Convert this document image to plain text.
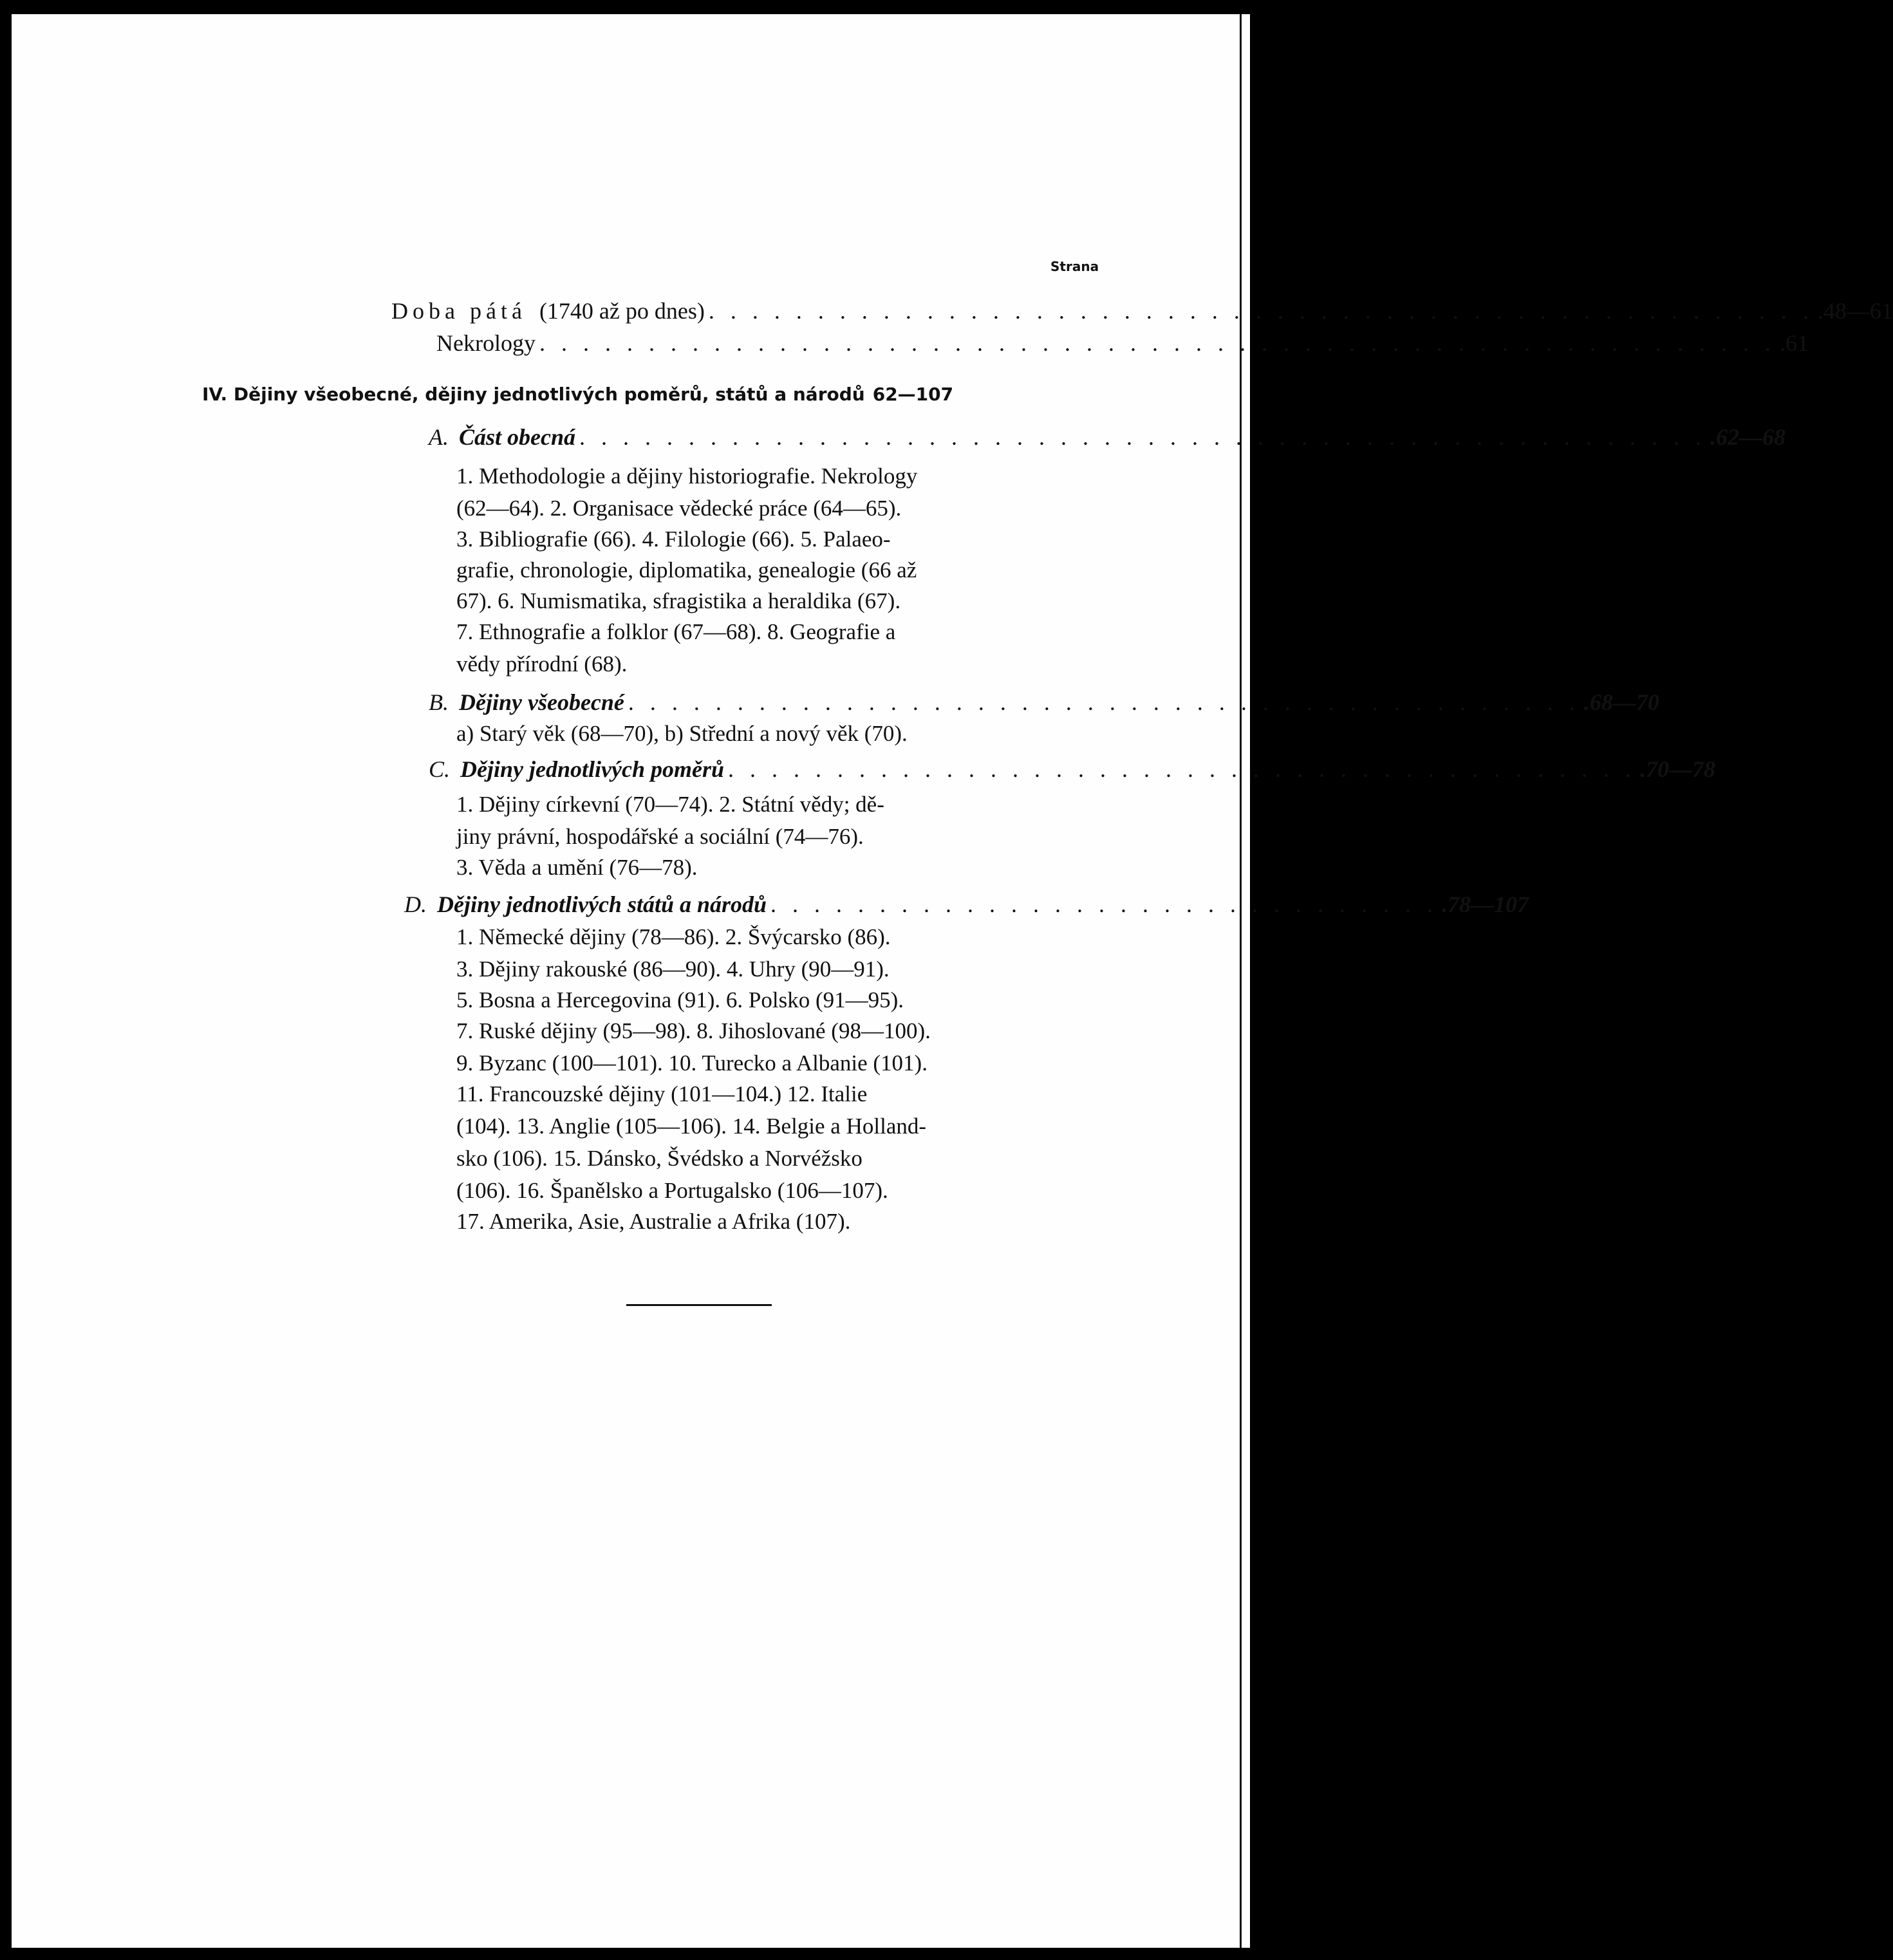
Strana
Doba pátá (1740 až po dnes) . . . . . . . . . . . . . . . . . . . . . . . . . . . . . . . . . . . . . . . . . . . . . . . . . . . .48—61
Nekrology . . . . . . . . . . . . . . . . . . . . . . . . . . . . . . . . . . . . . . . . . . . . . . . . . . . . . . . . . .61
IV. Dějiny všeobecné, dějiny jednotlivých poměrů, států a národů 62—107
A. Část obecná . . . . . . . . . . . . . . . . . . . . . . . . . . . . . . . . . . . . . . . . . . . . . . . . . . . . .62—68
1. Methodologie a dějiny historiografie. Nekrology
(62—64). 2. Organisace vědecké práce (64—65).
3. Bibliografie (66). 4. Filologie (66). 5. Palaeo-
grafie, chronologie, diplomatika, genealogie (66 až
67). 6. Numismatika, sfragistika a heraldika (67).
7. Ethnografie a folklor (67—68). 8. Geografie a
vědy přírodní (68).
B. Dějiny všeobecné . . . . . . . . . . . . . . . . . . . . . . . . . . . . . . . . . . . . . . . . . . . . .68—70
a) Starý věk (68—70), b) Střední a nový věk (70).
C. Dějiny jednotlivých poměrů . . . . . . . . . . . . . . . . . . . . . . . . . . . . . . . . . . . . . . . . . . .70—78
1. Dějiny církevní (70—74). 2. Státní vědy; dě-
jiny právní, hospodářské a sociální (74—76).
3. Věda a umění (76—78).
D. Dějiny jednotlivých států a národů . . . . . . . . . . . . . . . . . . . . . . . . . . . . . . . .78—107
1. Německé dějiny (78—86). 2. Švýcarsko (86).
3. Dějiny rakouské (86—90). 4. Uhry (90—91).
5. Bosna a Hercegovina (91). 6. Polsko (91—95).
7. Ruské dějiny (95—98). 8. Jihoslované (98—100).
9. Byzanc (100—101). 10. Turecko a Albanie (101).
11. Francouzské dějiny (101—104.) 12. Italie
(104). 13. Anglie (105—106). 14. Belgie a Holland-
sko (106). 15. Dánsko, Švédsko a Norvéžsko
(106). 16. Španělsko a Portugalsko (106—107).
17. Amerika, Asie, Australie a Afrika (107).
